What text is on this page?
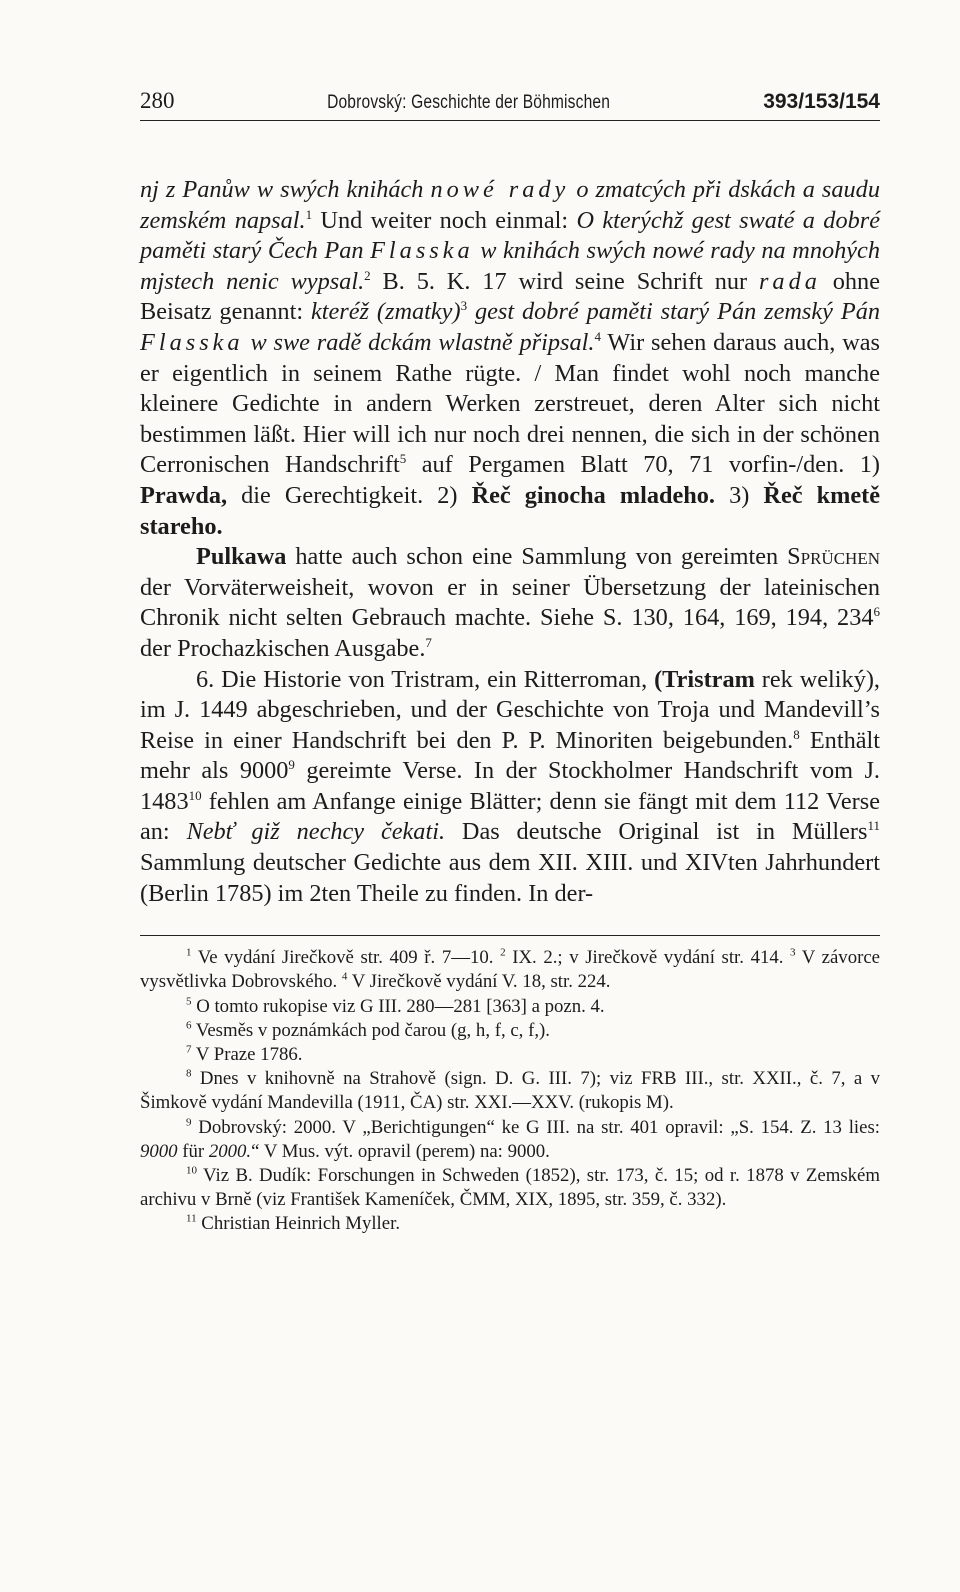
280	Dobrovský: Geschichte der Böhmischen	393/153/154

nj z Panůw w swých knihách nowé rady o zmatcých při dskách a saudu zemském napsal.$^1$ Und weiter noch einmal: O kterýchž gest swaté a dobré paměti starý Čech Pan Flasska w knihách swých nowé rady na mnohých mjstech nenic wypsal.$^2$ B. 5. K. 17 wird seine Schrift nur rada ohne Beisatz genannt: kteréž (zmatky)$^3$ gest dobré paměti starý Pán zemský Pán Flasska w swe radě dckám wlastně připsal.$^4$ Wir sehen daraus auch, was er eigentlich in seinem Rathe rügte. / Man findet wohl noch manche kleinere Gedichte in andern Werken zerstreuet, deren Alter sich nicht bestimmen läßt. Hier will ich nur noch drei nennen, die sich in der schönen Cerronischen Handschrift$^5$ auf Pergamen Blatt 70, 71 vorfin-/den. 1) Prawda, die Gerechtigkeit. 2) Řeč ginocha mladeho. 3) Řeč kmetě stareho.

Pulkawa hatte auch schon eine Sammlung von gereimten Sprüchen der Vorväterweisheit, wovon er in seiner Übersetzung der lateinischen Chronik nicht selten Gebrauch machte. Siehe S. 130, 164, 169, 194, $234^6$ der Prochazkischen Ausgabe.$^7$

6. Die Historie von Tristram, ein Ritterroman, (Tristram rek weliký), im J. 1449 abgeschrieben, und der Geschichte von Troja und Mandevill’s Reise in einer Handschrift bei den P. P. Minoriten beigebunden.$^8$ Enthält mehr als 9000$^9$ gereimte Verse. In der Stockholmer Handschrift vom J. 1483$^{10}$ fehlen am Anfange einige Blätter; denn sie fängt mit dem 112 Verse an: Nebť giž nechcy čekati. Das deutsche Original ist in Müllers$^{11}$ Sammlung deutscher Gedichte aus dem XII. XIII. und XIVten Jahrhundert (Berlin 1785) im 2ten Theile zu finden. In der-

$^1$ Ve vydání Jirečkově str. 409 ř. 7—10. $^2$ IX. 2.; v Jirečkově vydání str. 414. $^3$ V závorce vysvětlivka Dobrovského. $^4$ V Jirečkově vydání V. 18, str. 224.

$^5$ O tomto rukopise viz G III. 280—281 [363] a pozn. 4.

$^6$ Vesměs v poznámkách pod čarou (g, h, f, c, f,).

$^7$ V Praze 1786.

$^8$ Dnes v knihovně na Strahově (sign. D. G. III. 7); viz FRB III., str. XXII., č. 7, a v Šimkově vydání Mandevilla (1911, ČA) str. XXI.—XXV. (rukopis M).

$^9$ Dobrovský: 2000. V „Berichtigungen“ ke G III. na str. 401 opravil: „S. 154. Z. 13 lies: 9000 für 2000.“ V Mus. výt. opravil (perem) na: 9000.

$^{10}$ Viz B. Dudík: Forschungen in Schweden (1852), str. 173, č. 15; od r. 1878 v Zemském archivu v Brně (viz František Kameníček, ČMM, XIX, 1895, str. 359, č. 332).

$^{11}$ Christian Heinrich Myller.
